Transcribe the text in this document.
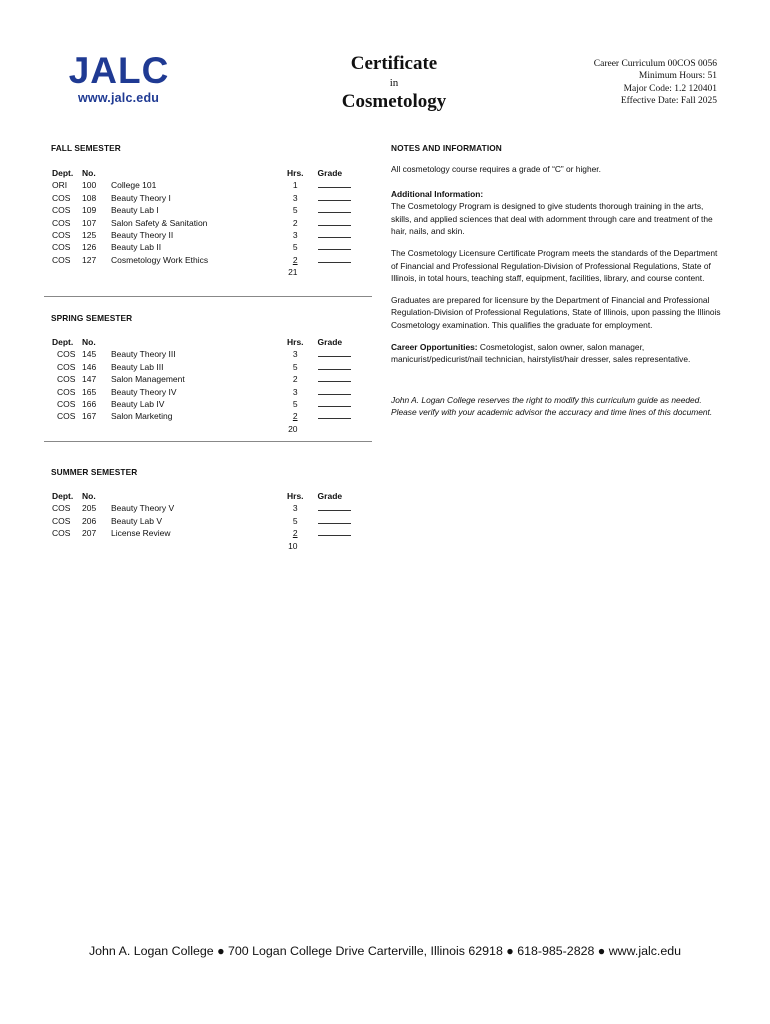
JALC
www.jalc.edu
Certificate
in
Cosmetology
Career Curriculum 00COS 0056
Minimum Hours: 51
Major Code: 1.2 120401
Effective Date: Fall 2025
FALL SEMESTER
Dept.	No.		Hrs.	Grade
ORI	100	College 101	1	
COS	108	Beauty Theory I	3	
COS	109	Beauty Lab I	5	
COS	107	Salon Safety & Sanitation	2	
COS	125	Beauty Theory II	3	
COS	126	Beauty Lab II	5	
COS	127	Cosmetology Work Ethics	2	
			21	
SPRING SEMESTER
Dept.	No.		Hrs.	Grade
COS	145	Beauty Theory III	3	
COS	146	Beauty Lab III	5	
COS	147	Salon Management	2	
COS	165	Beauty Theory IV	3	
COS	166	Beauty Lab IV	5	
COS	167	Salon Marketing	2	
			20	
SUMMER SEMESTER
Dept.	No.		Hrs.	Grade
COS	205	Beauty Theory V	3	
COS	206	Beauty Lab V	5	
COS	207	License Review	2	
			10	
NOTES AND INFORMATION

All cosmetology course requires a grade of “C” or higher.

Additional Information:

The Cosmetology Program is designed to give students thorough training in the arts, skills, and applied sciences that deal with adornment through care and treatment of the hair, nails, and skin.

The Cosmetology Licensure Certificate Program meets the standards of the Department of Financial and Professional Regulation-Division of Professional Regulations, State of Illinois, in total hours, teaching staff, equipment, facilities, library, and course content.

Graduates are prepared for licensure by the Department of Financial and Professional Regulation-Division of Professional Regulations, State of Illinois, upon passing the Illinois Cosmetology examination. This qualifies the graduate for employment.

Career Opportunities: Cosmetologist, salon owner, salon manager, manicurist/pedicurist/nail technician, hairstylist/hair dresser, sales representative.

John A. Logan College reserves the right to modify this curriculum guide as needed. Please verify with your academic advisor the accuracy and time lines of this document.

John A. Logan College ● 700 Logan College Drive Carterville, Illinois 62918 ● 618-985-2828 ● www.jalc.edu
